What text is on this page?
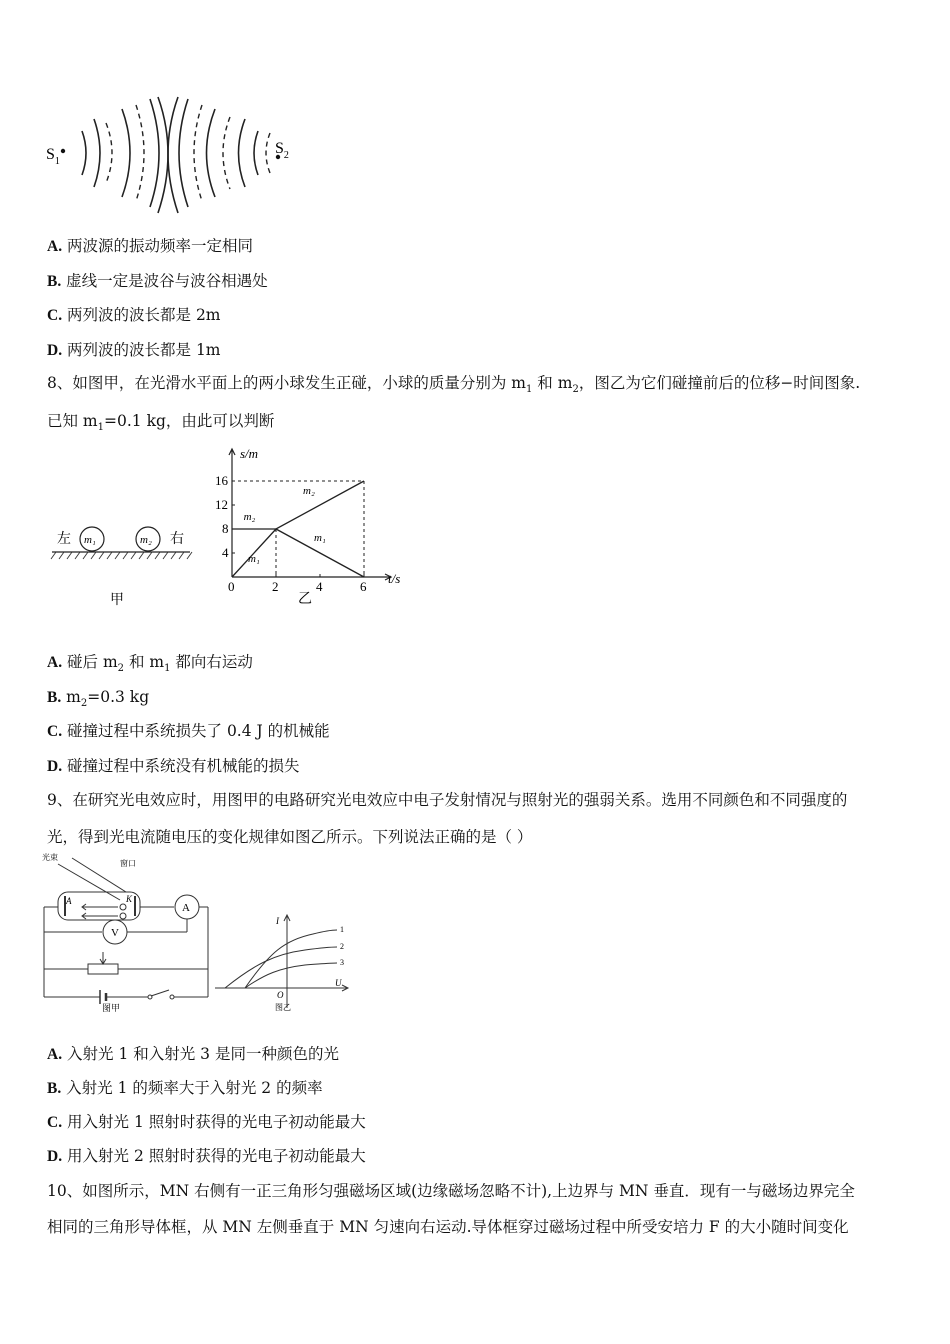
$S_1$
$S_2$
A. 两波源的振动频率一定相同
B. 虚线一定是波谷与波谷相遇处
C. 两列波的波长都是 2m
D. 两列波的波长都是 1m
8、如图甲，在光滑水平面上的两小球发生正碰，小球的质量分别为 $m_1$ 和 $m_2$，图乙为它们碰撞前后的位移−时间图象.
已知 $m_1=0.1$ kg，由此可以判断
左	右
m₁	m₂
甲
s/m
t/s
0	2	4	6
4
8
12
16
m₁
m₁
m₂
m₂
乙
A. 碰后 $m_2$ 和 $m_1$ 都向右运动
B. $m_2=0.3$ kg
C. 碰撞过程中系统损失了 0.4 J 的机械能
D. 碰撞过程中系统没有机械能的损失
9、在研究光电效应时，用图甲的电路研究光电效应中电子发射情况与照射光的强弱关系。选用不同颜色和不同强度的
光，得到光电流随电压的变化规律如图乙所示。下列说法正确的是（ ）
光束
窗口
A	K
A
V
图甲
I
U
O
1
2
3
图乙
A. 入射光 1 和入射光 3 是同一种颜色的光
B. 入射光 1 的频率大于入射光 2 的频率
C. 用入射光 1 照射时获得的光电子初动能最大
D. 用入射光 2 照射时获得的光电子初动能最大
10、如图所示，MN 右侧有一正三角形匀强磁场区域(边缘磁场忽略不计),上边界与 MN 垂直．现有一与磁场边界完全
相同的三角形导体框，从 MN 左侧垂直于 MN 匀速向右运动.导体框穿过磁场过程中所受安培力 F 的大小随时间变化
